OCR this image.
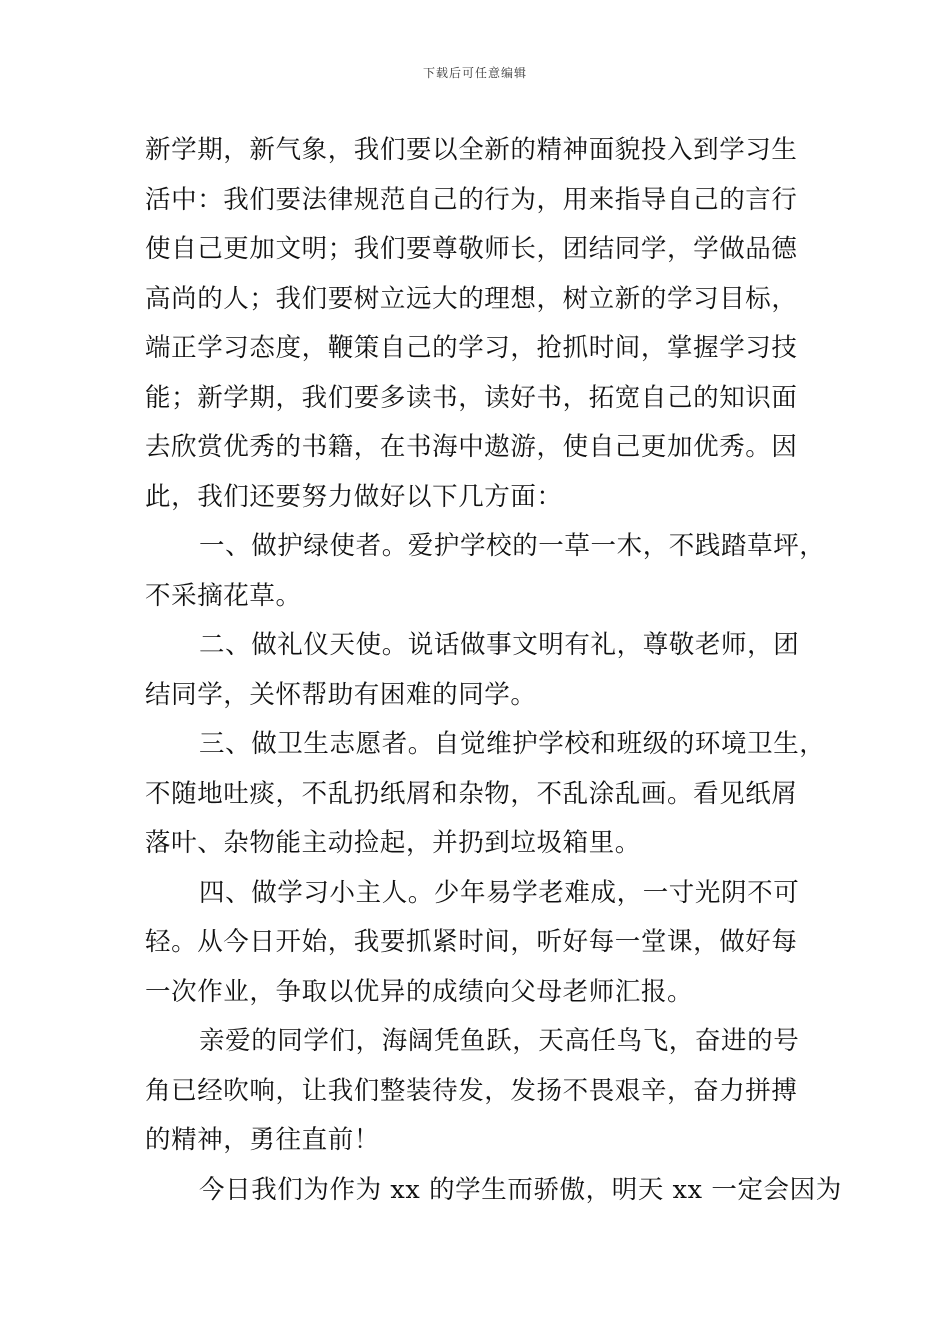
下载后可任意编辑
新学期，新气象，我们要以全新的精神面貌投入到学习生
活中：我们要法律规范自己的行为，用来指导自己的言行
使自己更加文明；我们要尊敬师长，团结同学，学做品德
高尚的人；我们要树立远大的理想，树立新的学习目标，
端正学习态度，鞭策自己的学习，抢抓时间，掌握学习技
能；新学期，我们要多读书，读好书，拓宽自己的知识面
去欣赏优秀的书籍，在书海中遨游，使自己更加优秀。因
此，我们还要努力做好以下几方面：
一、做护绿使者。爱护学校的一草一木，不践踏草坪，
不采摘花草。
二、做礼仪天使。说话做事文明有礼，尊敬老师，团
结同学，关怀帮助有困难的同学。
三、做卫生志愿者。自觉维护学校和班级的环境卫生，
不随地吐痰，不乱扔纸屑和杂物，不乱涂乱画。看见纸屑
落叶、杂物能主动捡起，并扔到垃圾箱里。
四、做学习小主人。少年易学老难成，一寸光阴不可
轻。从今日开始，我要抓紧时间，听好每一堂课，做好每
一次作业，争取以优异的成绩向父母老师汇报。
亲爱的同学们，海阔凭鱼跃，天高任鸟飞，奋进的号
角已经吹响，让我们整装待发，发扬不畏艰辛，奋力拼搏
的精神，勇往直前！
今日我们为作为 xx 的学生而骄傲，明天 xx 一定会因为
